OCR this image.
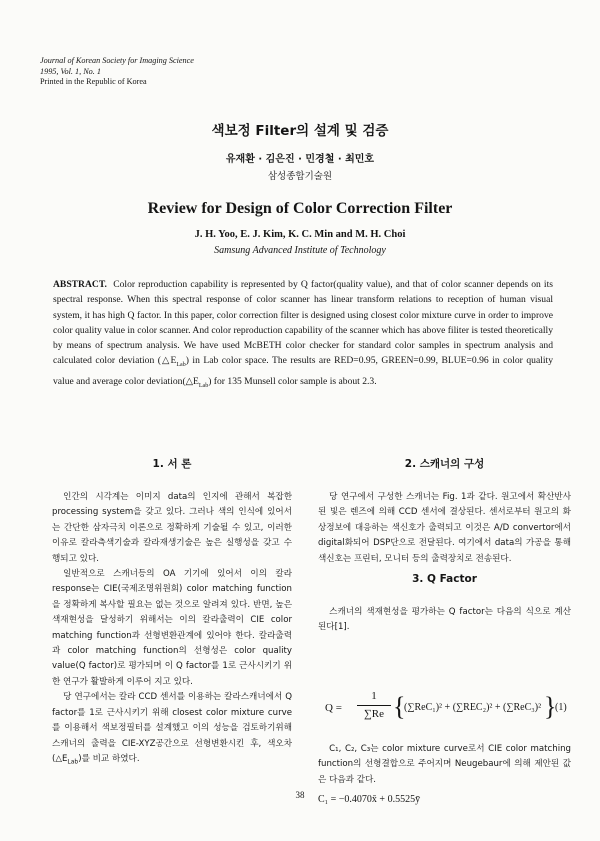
Journal of Korean Society for Imaging Science
1995, Vol. 1, No. 1
Printed in the Republic of Korea
색보정 Filter의 설계 및 검증
유재환 · 김은진 · 민경철 · 최민호
삼성종합기술원
Review for Design of Color Correction Filter
J. H. Yoo, E. J. Kim, K. C. Min and M. H. Choi
Samsung Advanced Institute of Technology
ABSTRACT. Color reproduction capability is represented by Q factor(quality value), and that of color scanner depends on its spectral response. When this spectral response of color scanner has linear transform relations to reception of human visual system, it has high Q factor. In this paper, color correction filter is designed using closest color mixture curve in order to improve color quality value in color scanner. And color reproduction capability of the scanner which has above filiter is tested theoretically by means of spectrum analysis. We have used McBETH color checker for standard color samples in spectrum analysis and calculated color deviation $(\triangle E_{Lab})$ in Lab color space. The results are RED=0.95, GREEN=0.99, BLUE=0.96 in color quality value and average color $deviation(\triangle E_{Lab})$ for 135 Munsell color sample is about 2.3.
1. 서 론

인간의 시각계는 이미지 data의 인지에 관해서 복잡한 processing system을 갖고 있다. 그러나 색의 인식에 있어서는 간단한 삼자극치 이론으로 정확하게 기술될 수 있고, 이러한 이유로 칼라측색기술과 칼라재생기술은 높은 실행성을 갖고 수행되고 있다.

일반적으로 스캐너등의 OA 기기에 있어서 이의 칼라 response는 CIE(국제조명위원회) color matching function을 정확하게 복사할 필요는 없는 것으로 알려져 있다. 반면, 높은 색재현성을 달성하기 위해서는 이의 칼라출력이 CIE color matching function과 선형변환관계에 있어야 한다. 칼라출력과 color matching function의 선형성은 color quality value(Q factor)로 평가되며 이 Q factor를 1로 근사시키기 위한 연구가 활발하게 이루어 지고 있다.

당 연구에서는 칼라 CCD 센서를 이용하는 칼라스캐너에서 Q factor를 1로 근사시키기 위해 closest color mixture curve를 이용해서 색보정필터를 설계했고 이의 성능을 검토하기위해 스캐너의 출력을 CIE-XYZ공간으로 선형변환시킨 후, 색오차$(\triangle E_{Lab})$를 비교 하였다.

2. 스캐너의 구성

당 연구에서 구성한 스캐너는 Fig. 1과 같다. 원고에서 확산반사된 빛은 렌즈에 의해 CCD 센서에 결상된다. 센서로부터 원고의 화상정보에 대응하는 색신호가 출력되고 이것은 A/D convertor에서 digital화되어 DSP단으로 전달된다. 여기에서 data의 가공을 통해 색신호는 프린터, 모니터 등의 출력장치로 전송된다.

3. Q Factor

스캐너의 색재현성을 평가하는 Q factor는 다음의 식으로 계산된다[1].

Q =
1
∑Re {
(∑ReC₁)² + (∑REC₂)² + (∑ReC₃)² }
(1)

C₁, C₂, C₃는 color mixture curve로서 CIE color matching function의 선형결합으로 주어지며 Neugebaur에 의해 제안된 값은 다음과 같다.

C₁ = −0.4070x̄ + 0.5525ȳ
38
